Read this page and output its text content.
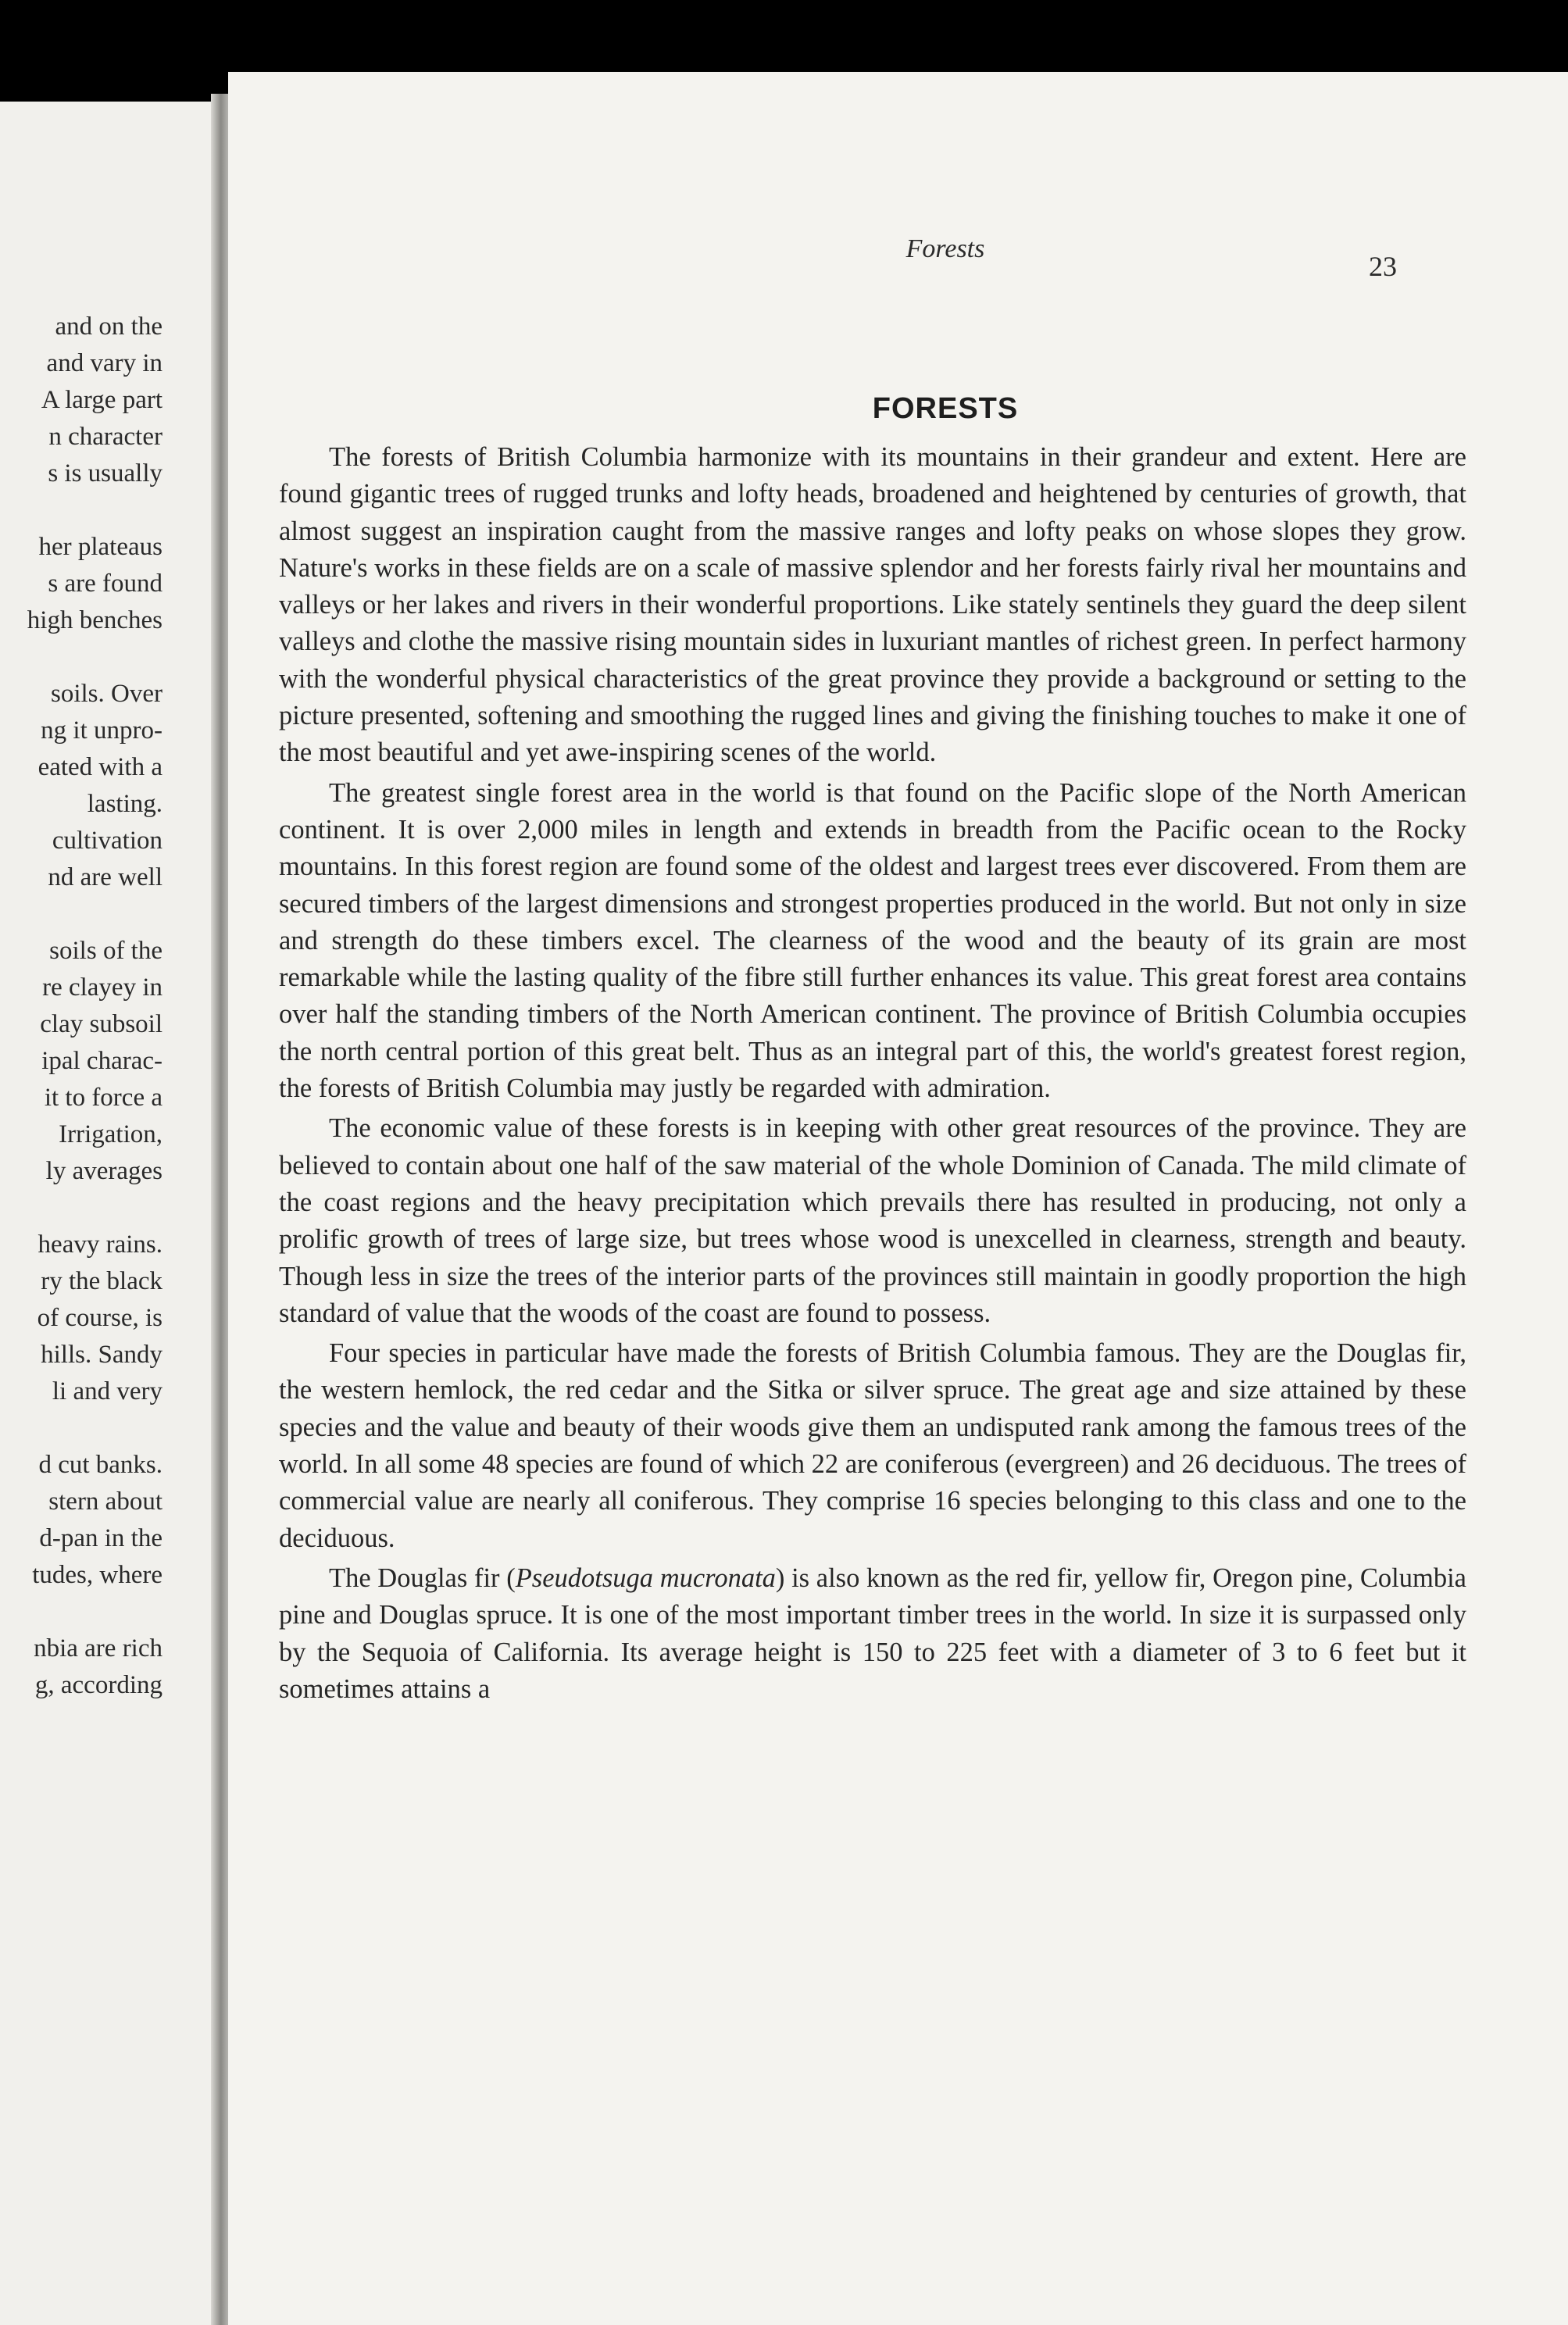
and on the
and vary in
A large part
n character
s is usually
her plateaus
s are found
high benches
soils. Over
ng it unpro-
eated with a
lasting.
cultivation
nd are well
soils of the
re clayey in
clay subsoil
ipal charac-
it to force a
Irrigation,
ly averages
heavy rains.
ry the black
of course, is
hills. Sandy
li and very
d cut banks.
stern about
d-pan in the
tudes, where
nbia are rich
g, according
Forests
23
FORESTS

The forests of British Columbia harmonize with its mountains in their grandeur and extent. Here are found gigantic trees of rugged trunks and lofty heads, broadened and heightened by centuries of growth, that almost suggest an inspiration caught from the massive ranges and lofty peaks on whose slopes they grow. Nature's works in these fields are on a scale of massive splendor and her forests fairly rival her mountains and valleys or her lakes and rivers in their wonderful proportions. Like stately sentinels they guard the deep silent valleys and clothe the massive rising mountain sides in luxuriant mantles of richest green. In perfect harmony with the wonderful physical characteristics of the great province they provide a background or setting to the picture presented, softening and smoothing the rugged lines and giving the finishing touches to make it one of the most beautiful and yet awe-inspiring scenes of the world.

The greatest single forest area in the world is that found on the Pacific slope of the North American continent. It is over 2,000 miles in length and extends in breadth from the Pacific ocean to the Rocky mountains. In this forest region are found some of the oldest and largest trees ever discovered. From them are secured timbers of the largest dimensions and strongest properties produced in the world. But not only in size and strength do these timbers excel. The clearness of the wood and the beauty of its grain are most remarkable while the lasting quality of the fibre still further enhances its value. This great forest area contains over half the standing timbers of the North American continent. The province of British Columbia occupies the north central portion of this great belt. Thus as an integral part of this, the world's greatest forest region, the forests of British Columbia may justly be regarded with admiration.

The economic value of these forests is in keeping with other great resources of the province. They are believed to contain about one half of the saw material of the whole Dominion of Canada. The mild climate of the coast regions and the heavy precipitation which prevails there has resulted in producing, not only a prolific growth of trees of large size, but trees whose wood is unexcelled in clearness, strength and beauty. Though less in size the trees of the interior parts of the provinces still maintain in goodly proportion the high standard of value that the woods of the coast are found to possess.

Four species in particular have made the forests of British Columbia famous. They are the Douglas fir, the western hemlock, the red cedar and the Sitka or silver spruce. The great age and size attained by these species and the value and beauty of their woods give them an undisputed rank among the famous trees of the world. In all some 48 species are found of which 22 are coniferous (evergreen) and 26 deciduous. The trees of commercial value are nearly all coniferous. They comprise 16 species belonging to this class and one to the deciduous.

The Douglas fir (Pseudotsuga mucronata) is also known as the red fir, yellow fir, Oregon pine, Columbia pine and Douglas spruce. It is one of the most important timber trees in the world. In size it is surpassed only by the Sequoia of California. Its average height is 150 to 225 feet with a diameter of 3 to 6 feet but it sometimes attains a
